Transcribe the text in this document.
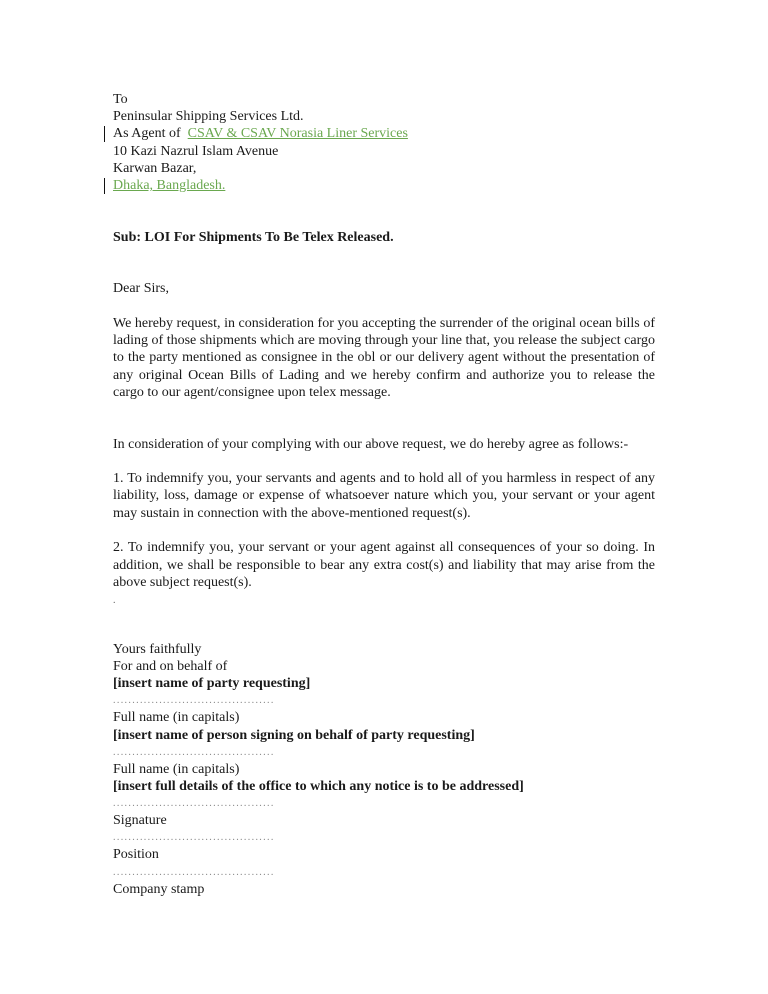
To
Peninsular Shipping Services Ltd.
As Agent of CSAV & CSAV Norasia Liner Services
10 Kazi Nazrul Islam Avenue
Karwan Bazar,
Dhaka, Bangladesh.
Sub: LOI For Shipments To Be Telex Released.
Dear Sirs,
We hereby request, in consideration for you accepting the surrender of the original ocean bills of lading of those shipments which are moving through your line that, you release the subject cargo to the party mentioned as consignee in the obl or our delivery agent without the presentation of any original Ocean Bills of Lading and we hereby confirm and authorize you to release the cargo to our agent/consignee upon telex message.
In consideration of your complying with our above request, we do hereby agree as follows:-
1. To indemnify you, your servants and agents and to hold all of you harmless in respect of any liability, loss, damage or expense of whatsoever nature which you, your servant or your agent may sustain in connection with the above-mentioned request(s).
2. To indemnify you, your servant or your agent against all consequences of your so doing. In addition, we shall be responsible to bear any extra cost(s) and liability that may arise from the above subject request(s).
.
Yours faithfully
For and on behalf of
[insert name of party requesting]
..........................................
Full name (in capitals)
[insert name of person signing on behalf of party requesting]
..........................................
Full name (in capitals)
[insert full details of the office to which any notice is to be addressed]
..........................................
Signature
..........................................
Position
..........................................
Company stamp
